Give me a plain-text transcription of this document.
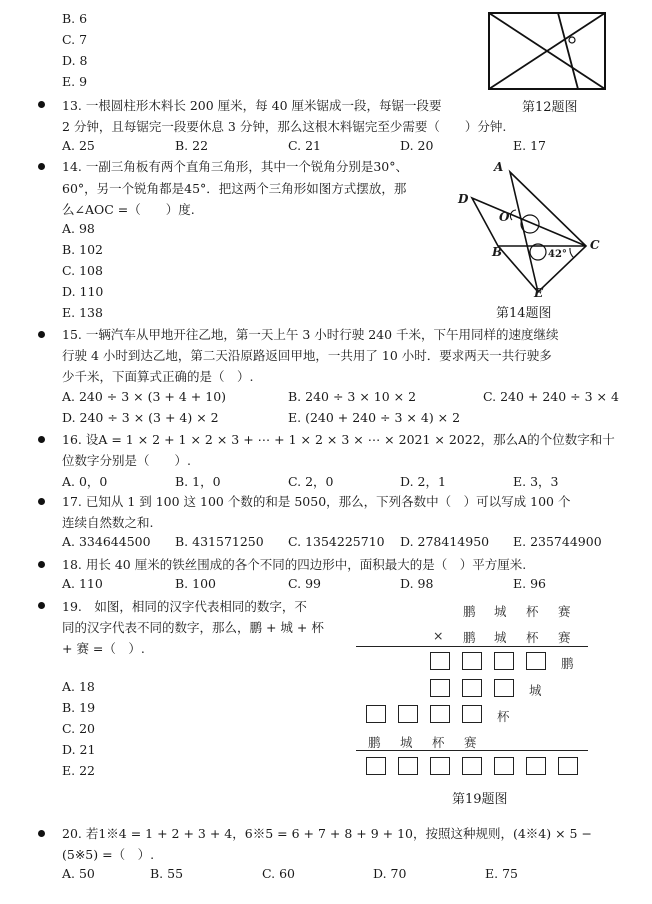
B. 6
C. 7
D. 8
E. 9
第12题图
13. 一根圆柱形木料长 200 厘米，每 40 厘米锯成一段，每锯一段要
2 分钟，且每锯完一段要休息 3 分钟，那么这根木料锯完至少需要（　　）分钟.
A. 25	B. 22	C. 21	D. 20	E. 17
14. 一副三角板有两个直角三角形，其中一个锐角分别是30°、
60°，另一个锐角都是45°．把这两个三角形如图方式摆放，那
么∠AOC =（　　）度.
A. 98
B. 102
C. 108
D. 110
E. 138
A
D
O
B	C
42°
E
第14题图
15. 一辆汽车从甲地开往乙地，第一天上午 3 小时行驶 240 千米，下午用同样的速度继续
行驶 4 小时到达乙地，第二天沿原路返回甲地，一共用了 10 小时．要求两天一共行驶多
少千米，下面算式正确的是（　）.
A. 240 ÷ 3 × (3 + 4 + 10)	B. 240 ÷ 3 × 10 × 2	C. 240 + 240 ÷ 3 × 4
D. 240 ÷ 3 × (3 + 4) × 2	E. (240 + 240 ÷ 3 × 4) × 2
16. 设A = 1 × 2 + 1 × 2 × 3 + ⋯ + 1 × 2 × 3 × ⋯ × 2021 × 2022，那么A的个位数字和十
位数字分别是（　　）.
A. 0，0	B. 1，0	C. 2，0	D. 2，1	E. 3，3
17. 已知从 1 到 100 这 100 个数的和是 5050，那么，下列各数中（　）可以写成 100 个
连续自然数之和.
A. 334644500 B. 431571250 C. 1354225710 D. 278414950 E. 235744900
18. 用长 40 厘米的铁丝围成的各个不同的四边形中，面积最大的是（　）平方厘米.
A. 110	B. 100	C. 99	D. 98	E. 96
19.　如图，相同的汉字代表相同的数字，不
同的汉字代表不同的数字，那么，鹏 + 城 + 杯
+ 赛 =（　）.
A. 18
B. 19
C. 20
D. 21
E. 22
鹏 城 杯 赛
× 鹏 城 杯 赛
鹏
城
杯
鹏 城 杯 赛
第19题图
20. 若1※4 = 1 + 2 + 3 + 4，6※5 = 6 + 7 + 8 + 9 + 10，按照这种规则，(4※4) × 5 −
(5※5) =（　）.
A. 50	B. 55	C. 60	D. 70	E. 75
